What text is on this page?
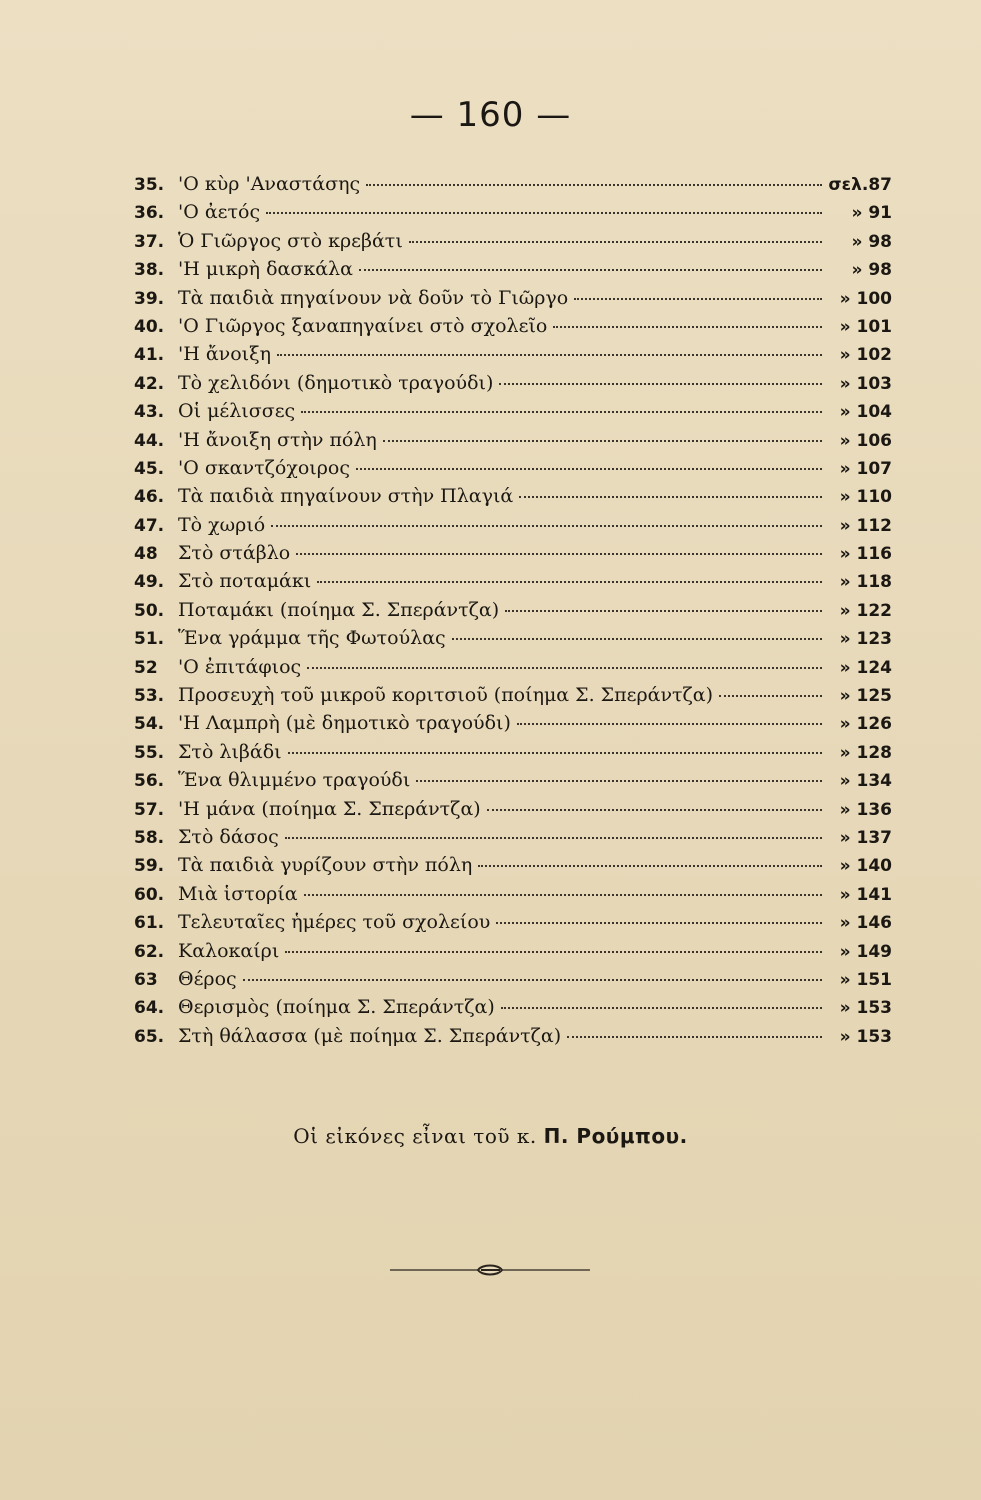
— 160 —
35. 'Ο κὺρ 'Αναστάσης	σελ.87
36. 'Ο ἀετός	» 91
37. Ὁ Γιῶργος στὸ κρεβάτι	» 98
38. 'Η μικρὴ δασκάλα	» 98
39. Τὰ παιδιὰ πηγαίνουν νὰ δοῦν τὸ Γιῶργο	» 100
40. 'Ο Γιῶργος ξαναπηγαίνει στὸ σχολεῖο	» 101
41. 'Η ἄνοιξη	» 102
42. Τὸ χελιδόνι (δημοτικὸ τραγούδι)	» 103
43. Οἱ μέλισσες	» 104
44. 'Η ἄνοιξη στὴν πόλη	» 106
45. 'Ο σκαντζόχοιρος	» 107
46. Τὰ παιδιὰ πηγαίνουν στὴν Πλαγιά	» 110
47. Τὸ χωριό	» 112
48	Στὸ στάβλο	» 116
49. Στὸ ποταμάκι	» 118
50. Ποταμάκι (ποίημα Σ. Σπεράντζα)	» 122
51. Ἕνα γράμμα τῆς Φωτούλας	» 123
52	'Ο ἐπιτάφιος	» 124
53. Προσευχὴ τοῦ μικροῦ κοριτσιοῦ (ποίημα Σ. Σπεράντζα)	» 125
54. 'Η Λαμπρὴ (μὲ δημοτικὸ τραγούδι)	» 126
55. Στὸ λιβάδι	» 128
56. Ἕνα θλιμμένο τραγούδι	» 134
57. 'Η μάνα (ποίημα Σ. Σπεράντζα)	» 136
58. Στὸ δάσος	» 137
59. Τὰ παιδιὰ γυρίζουν στὴν πόλη	» 140
60. Μιὰ ἱστορία	» 141
61. Τελευταῖες ἡμέρες τοῦ σχολείου	» 146
62. Καλοκαίρι	» 149
63	Θέρος	» 151
64. Θερισμὸς (ποίημα Σ. Σπεράντζα)	» 153
65. Στὴ θάλασσα (μὲ ποίημα Σ. Σπεράντζα)	» 153
Οἱ εἰκόνες εἶναι τοῦ κ. Π. Ρούμπου.
